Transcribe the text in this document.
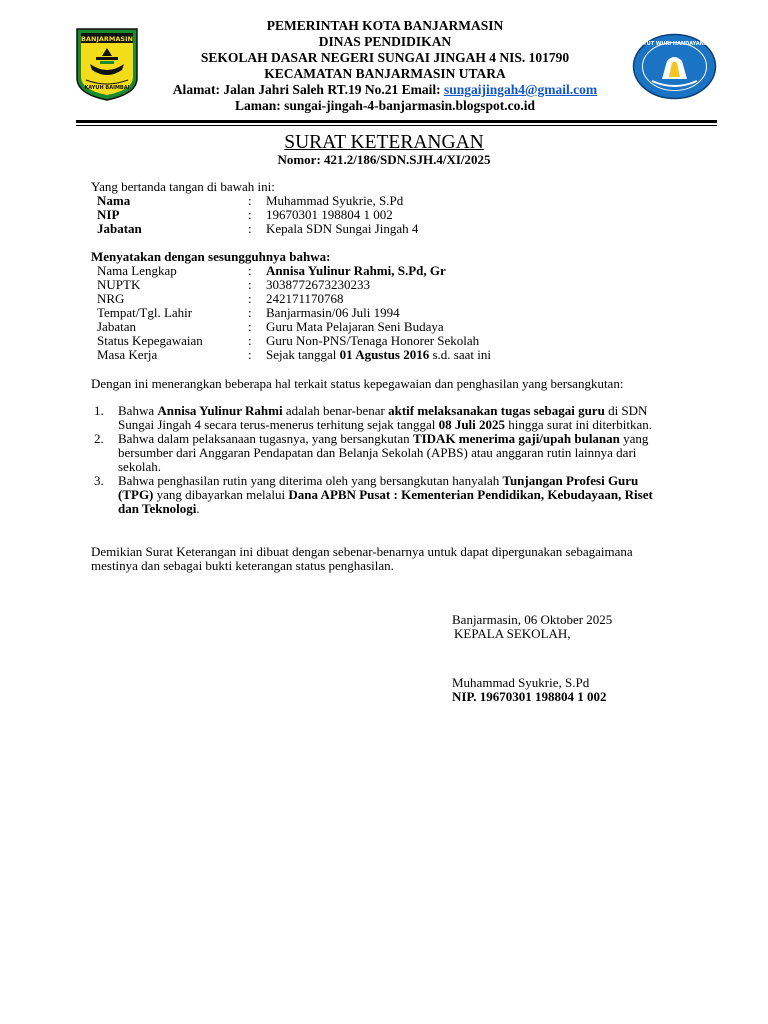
BANJARMASIN
KAYUH BAIMBAI
PEMERINTAH KOTA BANJARMASIN
DINAS PENDIDIKAN
SEKOLAH DASAR NEGERI SUNGAI JINGAH 4 NIS. 101790
KECAMATAN BANJARMASIN UTARA
Alamat: Jalan Jahri Saleh RT.19 No.21 Email: sungaijingah4@gmail.com
Laman: sungai-jingah-4-banjarmasin.blogspot.co.id
TUT WURI HANDAYANI
SURAT KETERANGAN
Nomor: 421.2/186/SDN.SJH.4/XI/2025
Yang bertanda tangan di bawah ini:
Nama	: Muhammad Syukrie, S.Pd
NIP	: 19670301 198804 1 002
Jabatan	: Kepala SDN Sungai Jingah 4
Menyatakan dengan sesungguhnya bahwa:
Nama Lengkap	: Annisa Yulinur Rahmi, S.Pd, Gr
NUPTK	: 3038772673230233
NRG	: 242171170768
Tempat/Tgl. Lahir	: Banjarmasin/06 Juli 1994
Jabatan	: Guru Mata Pelajaran Seni Budaya
Status Kepegawaian	: Guru Non-PNS/Tenaga Honorer Sekolah
Masa Kerja	: Sejak tanggal 01 Agustus 2016 s.d. saat ini
Dengan ini menerangkan beberapa hal terkait status kepegawaian dan penghasilan yang bersangkutan:
1. Bahwa Annisa Yulinur Rahmi adalah benar-benar aktif melaksanakan tugas sebagai guru di SDN Sungai Jingah 4 secara terus-menerus terhitung sejak tanggal 08 Juli 2025 hingga surat ini diterbitkan.
2. Bahwa dalam pelaksanaan tugasnya, yang bersangkutan TIDAK menerima gaji/upah bulanan yang bersumber dari Anggaran Pendapatan dan Belanja Sekolah (APBS) atau anggaran rutin lainnya dari sekolah.
3. Bahwa penghasilan rutin yang diterima oleh yang bersangkutan hanyalah Tunjangan Profesi Guru (TPG) yang dibayarkan melalui Dana APBN Pusat : Kementerian Pendidikan, Kebudayaan, Riset dan Teknologi.
Demikian Surat Keterangan ini dibuat dengan sebenar-benarnya untuk dapat dipergunakan sebagaimana mestinya dan sebagai bukti keterangan status penghasilan.
Banjarmasin, 06 Oktober 2025
KEPALA SEKOLAH,
Muhammad Syukrie, S.Pd
NIP. 19670301 198804 1 002
